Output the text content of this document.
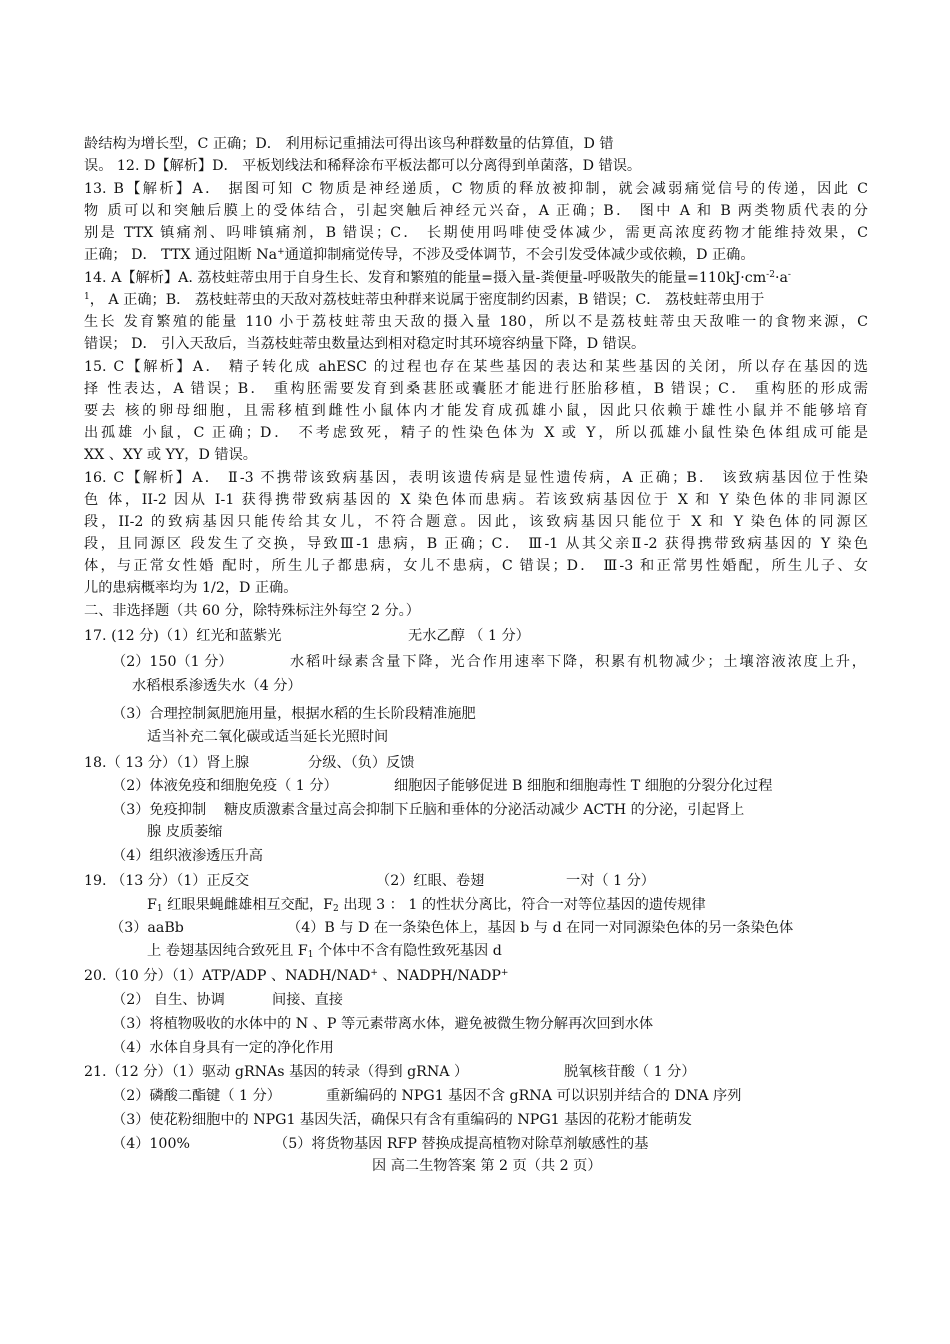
龄结构为增长型，C 正确；D． 利用标记重捕法可得出该鸟种群数量的估算值，D 错
误。 12. D【解析】D． 平板划线法和稀释涂布平板法都可以分离得到单菌落，D 错误。
13. B【解析】A． 据图可知 C 物质是神经递质，C 物质的释放被抑制，就会减弱痛觉信号的传递，因此 C
物 质可以和突触后膜上的受体结合，引起突触后神经元兴奋，A 正确；B． 图中 A 和 B 两类物质代表的分
别是 TTX 镇痛剂、吗啡镇痛剂，B 错误；C． 长期使用吗啡使受体减少，需更高浓度药物才能维持效果，C
正确； D． TTX 通过阻断 Na+通道抑制痛觉传导，不涉及受体调节，不会引发受体减少或依赖，D 正确。
14. A【解析】A. 荔枝蛀蒂虫用于自身生长、发育和繁殖的能量=摄入量-粪便量-呼吸散失的能量$=110kJ\cdot cm^{-2}\cdot a^-$
$^1$， A 正确；B． 荔枝蛀蒂虫的天敌对荔枝蛀蒂虫种群来说属于密度制约因素，B 错误；C． 荔枝蛀蒂虫用于
生长 发育繁殖的能量 110 小于荔枝蛀蒂虫天敌的摄入量 180，所以不是荔枝蛀蒂虫天敌唯一的食物来源，C
错误； D． 引入天敌后，当荔枝蛀蒂虫数量达到相对稳定时其环境容纳量下降，D 错误。
15. C【解析】A． 精子转化成 ahESC 的过程也存在某些基因的表达和某些基因的关闭，所以存在基因的选
择 性表达，A 错误；B． 重构胚需要发育到桑葚胚或囊胚才能进行胚胎移植，B 错误；C． 重构胚的形成需
要去 核的卵母细胞，且需移植到雌性小鼠体内才能发育成孤雄小鼠，因此只依赖于雄性小鼠并不能够培育
出孤雄 小鼠，C 正确；D． 不考虑致死，精子的性染色体为 X 或 Y，所以孤雄小鼠性染色体组成可能是
XX 、XY 或 YY，D 错误。
16. C【解析】A． Ⅱ-3 不携带该致病基因，表明该遗传病是显性遗传病，A 正确；B． 该致病基因位于性染
色 体，II-2 因从 I-1 获得携带致病基因的 X 染色体而患病。若该致病基因位于 X 和 Y 染色体的非同源区
段，II-2 的致病基因只能传给其女儿，不符合题意。因此，该致病基因只能位于 X 和 Y 染色体的同源区
段，且同源区 段发生了交换，导致Ⅲ-1 患病，B 正确；C． Ⅲ-1 从其父亲Ⅱ-2 获得携带致病基因的 Y 染色
体，与正常女性婚 配时，所生儿子都患病，女儿不患病，C 错误；D． Ⅲ-3 和正常男性婚配，所生儿子、女
儿的患病概率均为 1/2，D 正确。
二、非选择题（共 60 分，除特殊标注外每空 2 分。）
17. (12 分)（1）红光和蓝紫光	无水乙醇 （ 1 分）
（2）150（1 分）	水稻叶绿素含量下降，光合作用速率下降，积累有机物减少；土壤溶液浓度上升，
水稻根系渗透失水（4 分）
（3）合理控制氮肥施用量，根据水稻的生长阶段精准施肥
适当补充二氧化碳或适当延长光照时间
18.（ 13 分）（1）肾上腺	分级、（负）反馈
（2）体液免疫和细胞免疫（ 1 分）	细胞因子能够促进 B 细胞和细胞毒性 T 细胞的分裂分化过程
（3）免疫抑制	糖皮质激素含量过高会抑制下丘脑和垂体的分泌活动减少 ACTH 的分泌，引起肾上
腺 皮质萎缩
（4）组织液渗透压升高
19. （13 分）（1）正反交	（2）红眼、卷翅	一对（ 1 分）
$F_1$ 红眼果蝇雌雄相互交配，$F_2$ 出现 3 ： 1 的性状分离比，符合一对等位基因的遗传规律
（3）aaBb	（4）B 与 D 在一条染色体上，基因 b 与 d 在同一对同源染色体的另一条染色体
上 卷翅基因纯合致死且 $F_1$ 个体中不含有隐性致死基因 d
20.（10 分）（1）ATP/ADP 、NADH/NAD+ 、NADPH/NADP+
（2） 自生、协调	间接、直接
（3）将植物吸收的水体中的 N 、P 等元素带离水体，避免被微生物分解再次回到水体
（4）水体自身具有一定的净化作用
21.（12 分）（1）驱动 gRNAs 基因的转录（得到 gRNA ）	脱氧核苷酸（ 1 分）
（2）磷酸二酯键（ 1 分）	重新编码的 NPG1 基因不含 gRNA 可以识别并结合的 DNA 序列
（3）使花粉细胞中的 NPG1 基因失活，确保只有含有重编码的 NPG1 基因的花粉才能萌发
（4）100%	（5）将货物基因 RFP 替换成提高植物对除草剂敏感性的基
因 高二生物答案 第 2 页（共 2 页）
